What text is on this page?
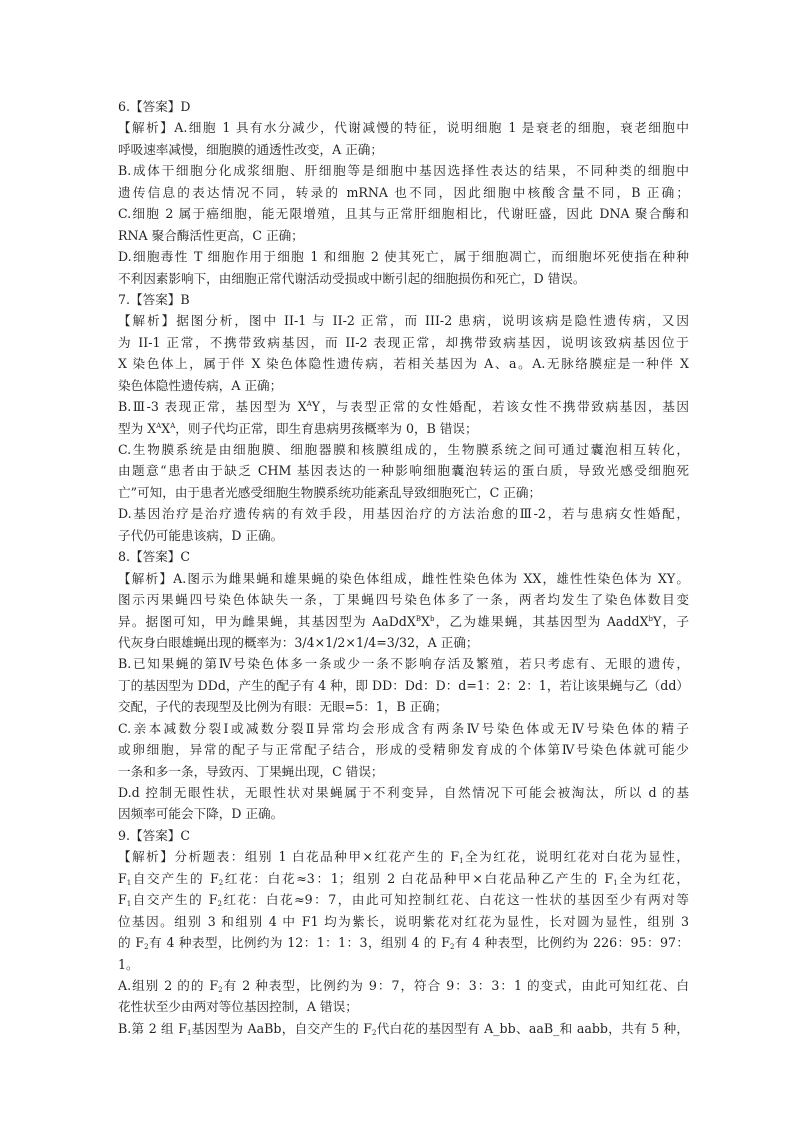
6.【答案】D
【解析】A.细胞 1 具有水分减少，代谢减慢的特征，说明细胞 1 是衰老的细胞，衰老细胞中
呼吸速率减慢，细胞膜的通透性改变，A 正确；
B.成体干细胞分化成浆细胞、肝细胞等是细胞中基因选择性表达的结果，不同种类的细胞中
遗传信息的表达情况不同，转录的 mRNA 也不同，因此细胞中核酸含量不同，B 正确；
C.细胞 2 属于癌细胞，能无限增殖，且其与正常肝细胞相比，代谢旺盛，因此 DNA 聚合酶和
RNA 聚合酶活性更高，C 正确；
D.细胞毒性 T 细胞作用于细胞 1 和细胞 2 使其死亡，属于细胞凋亡，而细胞坏死使指在种种
不利因素影响下，由细胞正常代谢活动受损或中断引起的细胞损伤和死亡，D 错误。
7.【答案】B
【解析】据图分析，图中 II-1 与 II-2 正常，而 III-2 患病，说明该病是隐性遗传病，又因
为 II-1 正常，不携带致病基因，而 II-2 表现正常，却携带致病基因，说明该致病基因位于
X 染色体上，属于伴 X 染色体隐性遗传病，若相关基因为 A、a。A.无脉络膜症是一种伴 X
染色体隐性遗传病，A 正确；
B.Ⅲ-3 表现正常，基因型为 $X^AY$，与表型正常的女性婚配，若该女性不携带致病基因，基因
型为 $X^AX^A$，则子代均正常，即生育患病男孩概率为 0，B 错误；
C.生物膜系统是由细胞膜、细胞器膜和核膜组成的，生物膜系统之间可通过囊泡相互转化，
由题意“患者由于缺乏 CHM 基因表达的一种影响细胞囊泡转运的蛋白质，导致光感受细胞死
亡”可知，由于患者光感受细胞生物膜系统功能紊乱导致细胞死亡，C 正确；
D.基因治疗是治疗遗传病的有效手段，用基因治疗的方法治愈的Ⅲ-2，若与患病女性婚配，
子代仍可能患该病，D 正确。
8.【答案】C
【解析】A.图示为雌果蝇和雄果蝇的染色体组成，雌性性染色体为 XX，雄性性染色体为 XY。
图示丙果蝇四号染色体缺失一条，丁果蝇四号染色体多了一条，两者均发生了染色体数目变
异。据图可知，甲为雌果蝇，其基因型为 $AaDdX^BX^b$，乙为雄果蝇，其基因型为 AaddX$^b$Y，子
代灰身白眼雄蝇出现的概率为：3/4×1/2×1/4=3/32，A 正确；
B.已知果蝇的第Ⅳ号染色体多一条或少一条不影响存活及繁殖，若只考虑有、无眼的遗传，
丁的基因型为 DDd，产生的配子有 4 种，即 DD：Dd：D：d=1：2：2：1，若让该果蝇与乙（dd）
交配，子代的表现型及比例为有眼：无眼=5：1，B 正确；
C.亲本减数分裂Ⅰ或减数分裂Ⅱ异常均会形成含有两条Ⅳ号染色体或无Ⅳ号染色体的精子
或卵细胞，异常的配子与正常配子结合，形成的受精卵发育成的个体第Ⅳ号染色体就可能少
一条和多一条，导致丙、丁果蝇出现，C 错误；
D.d 控制无眼性状，无眼性状对果蝇属于不利变异，自然情况下可能会被淘汰，所以 d 的基
因频率可能会下降，D 正确。
9.【答案】C
【解析】分析题表：组别 1 白花品种甲×红花产生的 $F_1$全为红花，说明红花对白花为显性，
$F_1$自交产生的 $F_2$红花：白花≈3：1；组别 2 白花品种甲×白花品种乙产生的 $F_1$全为红花，
$F_1$自交产生的 $F_2$红花：白花≈9：7，由此可知控制红花、白花这一性状的基因至少有两对等
位基因。组别 3 和组别 4 中 F1 均为紫长，说明紫花对红花为显性，长对圆为显性，组别 3
的 $F_2$有 4 种表型，比例约为 12：1：1：3，组别 4 的 $F_2$有 4 种表型，比例约为 226：95：97：
1。
A.组别 2 的的 $F_2$有 2 种表型，比例约为 9：7，符合 9：3：3：1 的变式，由此可知红花、白
花性状至少由两对等位基因控制，A 错误；
B.第 2 组 $F_1$基因型为 AaBb，自交产生的 $F_2$代白花的基因型有 A_bb、aaB_和 aabb，共有 5 种，
